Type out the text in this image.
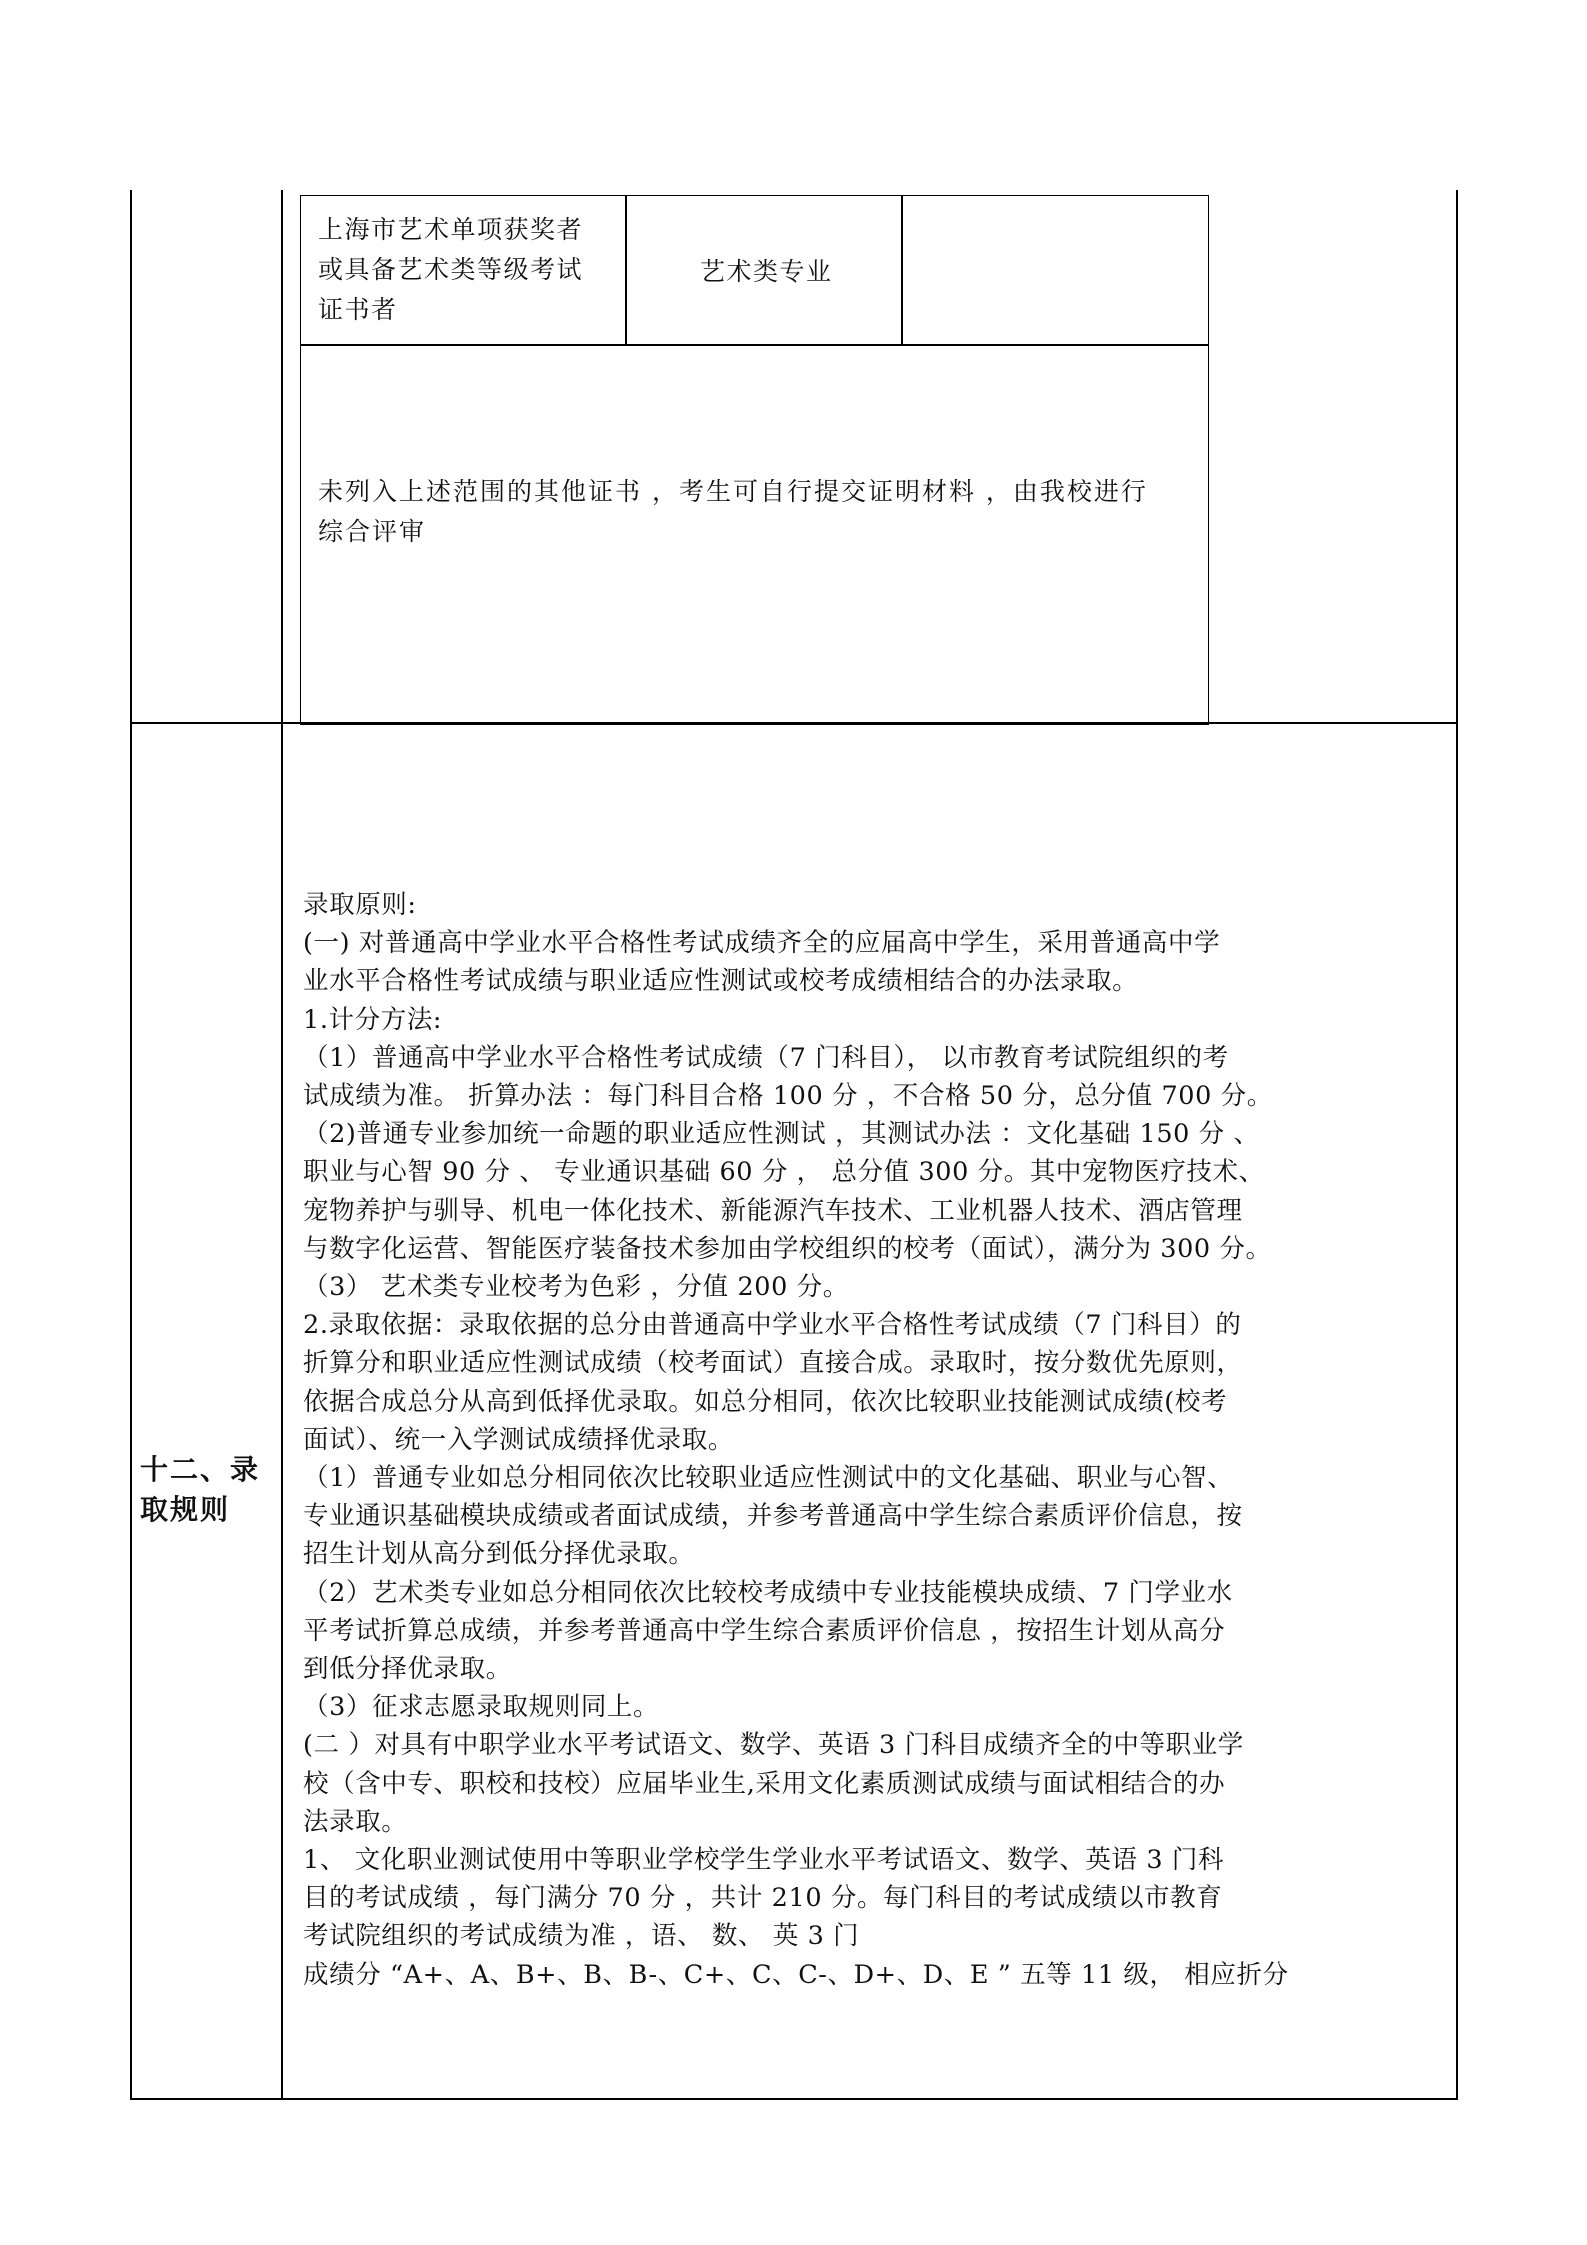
上海市艺术单项获奖者
或具备艺术类等级考试
证书者
艺术类专业
未列入上述范围的其他证书 ，考生可自行提交证明材料 ，由我校进行
综合评审
十二、录
取规则

录取原则:

(一) 对普通高中学业水平合格性考试成绩齐全的应届高中学生，采用普通高中学

业水平合格性考试成绩与职业适应性测试或校考成绩相结合的办法录取。

1.计分方法:

（1）普通高中学业水平合格性考试成绩（7 门科目）， 以市教育考试院组织的考

试成绩为准。 折算办法 ：每门科目合格 100 分 ，不合格 50 分，总分值 700 分。

（2)普通专业参加统一命题的职业适应性测试 ，其测试办法 ：文化基础 150 分 、

职业与心智 90 分 、 专业通识基础 60 分 ， 总分值 300 分。其中宠物医疗技术、

宠物养护与驯导、机电一体化技术、新能源汽车技术、工业机器人技术、酒店管理

与数字化运营、智能医疗装备技术参加由学校组织的校考（面试），满分为 300 分。

（3） 艺术类专业校考为色彩 ，分值 200 分。

2.录取依据：录取依据的总分由普通高中学业水平合格性考试成绩（7 门科目）的

折算分和职业适应性测试成绩（校考面试）直接合成。录取时，按分数优先原则，

依据合成总分从高到低择优录取。如总分相同，依次比较职业技能测试成绩(校考

面试）、统一入学测试成绩择优录取。

（1）普通专业如总分相同依次比较职业适应性测试中的文化基础、职业与心智、

专业通识基础模块成绩或者面试成绩，并参考普通高中学生综合素质评价信息，按

招生计划从高分到低分择优录取。

（2）艺术类专业如总分相同依次比较校考成绩中专业技能模块成绩、7 门学业水

平考试折算总成绩，并参考普通高中学生综合素质评价信息 ，按招生计划从高分

到低分择优录取。

（3）征求志愿录取规则同上。

(二 ）对具有中职学业水平考试语文、数学、英语 3 门科目成绩齐全的中等职业学

校（含中专、职校和技校）应届毕业生,采用文化素质测试成绩与面试相结合的办

法录取。

1、 文化职业测试使用中等职业学校学生学业水平考试语文、数学、英语 3 门科

目的考试成绩 ，每门满分 70 分 ，共计 210 分。每门科目的考试成绩以市教育

考试院组织的考试成绩为准 ，语、 数、 英 3 门

成绩分 “A+、A、B+、B、B-、C+、C、C-、D+、D、E ” 五等 11 级， 相应折分
